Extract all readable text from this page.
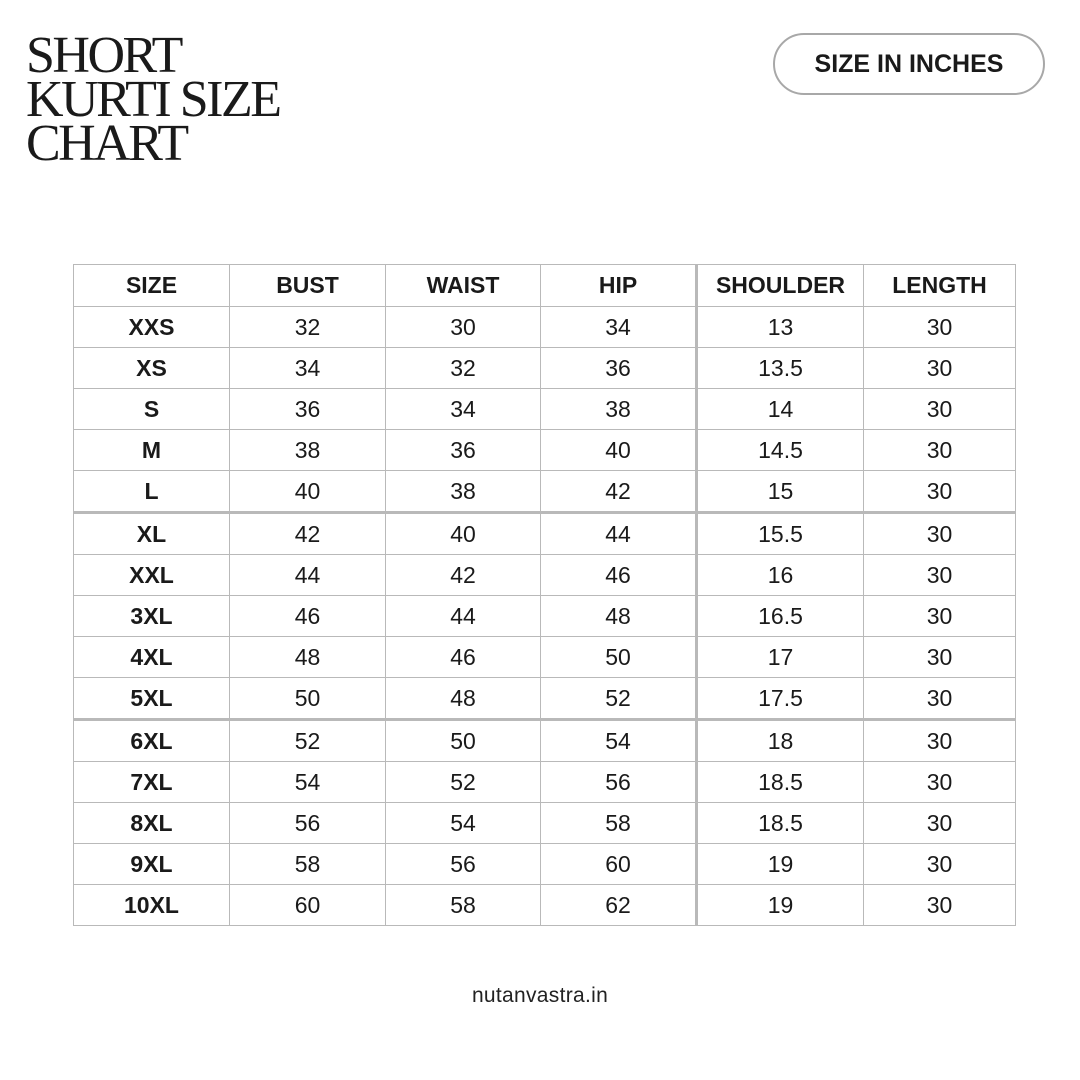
SHORT
KURTI SIZE
CHART
SIZE IN INCHES
SIZE	BUST	WAIST	HIP	SHOULDER	LENGTH
XXS	32	30	34	13	30
XS	34	32	36	13.5	30
S	36	34	38	14	30
M	38	36	40	14.5	30
L	40	38	42	15	30
XL	42	40	44	15.5	30
XXL	44	42	46	16	30
3XL	46	44	48	16.5	30
4XL	48	46	50	17	30
5XL	50	48	52	17.5	30
6XL	52	50	54	18	30
7XL	54	52	56	18.5	30
8XL	56	54	58	18.5	30
9XL	58	56	60	19	30
10XL	60	58	62	19	30
nutanvastra.in
